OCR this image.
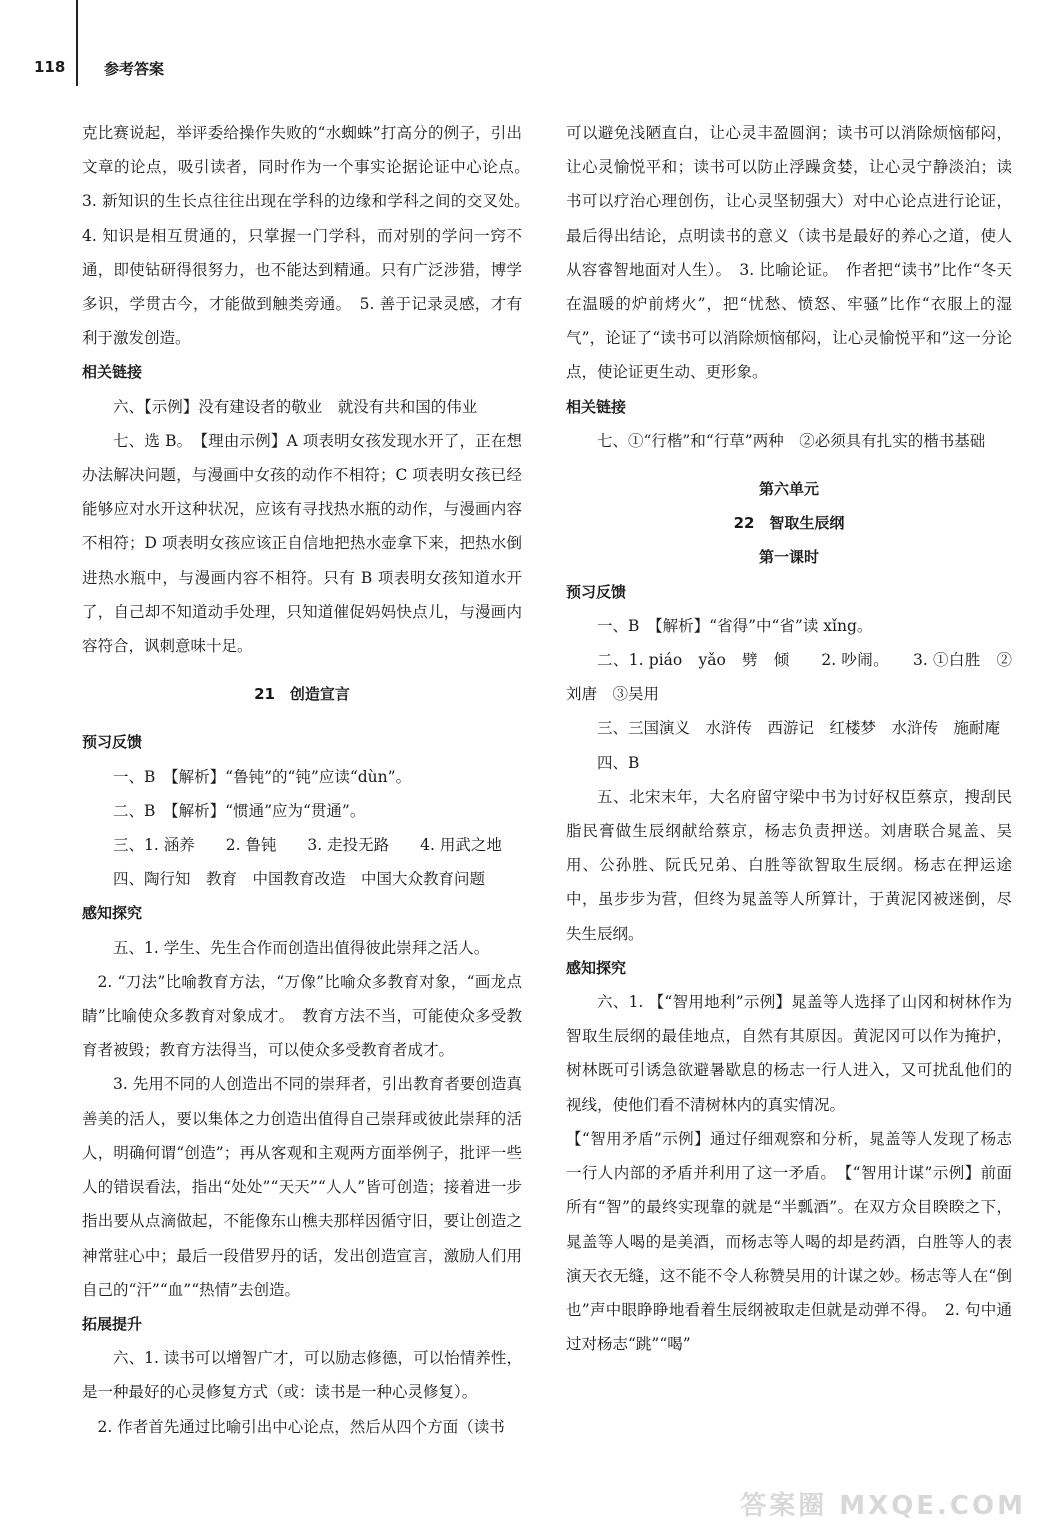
118	参考答案

克比赛说起，举评委给操作失败的“水蜘蛛”打高分的例子，引出文章的论点，吸引读者，同时作为一个事实论据论证中心论点。　3. 新知识的生长点往往出现在学科的边缘和学科之间的交叉处。　4. 知识是相互贯通的，只掌握一门学科，而对别的学问一窍不通，即使钻研得很努力，也不能达到精通。只有广泛涉猎，博学多识，学贯古今，才能做到触类旁通。　5. 善于记录灵感，才有利于激发创造。

相关链接

六、【示例】没有建设者的敬业　就没有共和国的伟业

七、选 B。　【理由示例】A 项表明女孩发现水开了，正在想办法解决问题，与漫画中女孩的动作不相符；C 项表明女孩已经能够应对水开这种状况，应该有寻找热水瓶的动作，与漫画内容不相符；D 项表明女孩应该正自信地把热水壶拿下来，把热水倒进热水瓶中，与漫画内容不相符。只有 B 项表明女孩知道水开了，自己却不知道动手处理，只知道催促妈妈快点儿，与漫画内容符合，讽刺意味十足。

21　创造宣言

预习反馈

一、B　【解析】“鲁钝”的“钝”应读“dùn”。

二、B　【解析】“惯通”应为“贯通”。

三、1. 涵养　　2. 鲁钝　　3. 走投无路　　4. 用武之地

四、陶行知　教育　中国教育改造　中国大众教育问题

感知探究

五、1. 学生、先生合作而创造出值得彼此崇拜之活人。

2. “刀法”比喻教育方法，“万像”比喻众多教育对象，“画龙点睛”比喻使众多教育对象成才。　教育方法不当，可能使众多受教育者被毁；教育方法得当，可以使众多受教育者成才。

3. 先用不同的人创造出不同的崇拜者，引出教育者要创造真善美的活人，要以集体之力创造出值得自己崇拜或彼此崇拜的活人，明确何谓“创造”；再从客观和主观两方面举例子，批评一些人的错误看法，指出“处处”“天天”“人人”皆可创造；接着进一步指出要从点滴做起，不能像东山樵夫那样因循守旧，要让创造之神常驻心中；最后一段借罗丹的话，发出创造宣言，激励人们用自己的“汗”“血”“热情”去创造。

拓展提升

六、1. 读书可以增智广才，可以励志修德，可以怡情养性，是一种最好的心灵修复方式（或：读书是一种心灵修复）。

2. 作者首先通过比喻引出中心论点，然后从四个方面（读书

可以避免浅陋直白，让心灵丰盈圆润；读书可以消除烦恼郁闷，让心灵愉悦平和；读书可以防止浮躁贪婪，让心灵宁静淡泊；读书可以疗治心理创伤，让心灵坚韧强大）对中心论点进行论证，最后得出结论，点明读书的意义（读书是最好的养心之道，使人从容睿智地面对人生）。　3. 比喻论证。　作者把“读书”比作“冬天在温暖的炉前烤火”，把“忧愁、愤怒、牢骚”比作“衣服上的湿气”，论证了“读书可以消除烦恼郁闷，让心灵愉悦平和”这一分论点，使论证更生动、更形象。

相关链接

七、①“行楷”和“行草”两种　②必须具有扎实的楷书基础

第六单元

22　智取生辰纲

第一课时

预习反馈

一、B　【解析】“省得”中“省”读 xǐng。

二、1. piáo　yǎo　劈　倾　　2. 吵闹。　　3. ①白胜　②刘唐　③吴用

三、三国演义　水浒传　西游记　红楼梦　水浒传　施耐庵

四、B

五、北宋末年，大名府留守梁中书为讨好权臣蔡京，搜刮民脂民膏做生辰纲献给蔡京，杨志负责押送。刘唐联合晁盖、吴用、公孙胜、阮氏兄弟、白胜等欲智取生辰纲。杨志在押运途中，虽步步为营，但终为晁盖等人所算计，于黄泥冈被迷倒，尽失生辰纲。

感知探究

六、1. 【“智用地利”示例】晁盖等人选择了山冈和树林作为智取生辰纲的最佳地点，自然有其原因。黄泥冈可以作为掩护，树林既可引诱急欲避暑歇息的杨志一行人进入，又可扰乱他们的视线，使他们看不清树林内的真实情况。

【“智用矛盾”示例】通过仔细观察和分析，晁盖等人发现了杨志一行人内部的矛盾并利用了这一矛盾。　【“智用计谋”示例】前面所有“智”的最终实现靠的就是“半瓢酒”。在双方众目睽睽之下，晁盖等人喝的是美酒，而杨志等人喝的却是药酒，白胜等人的表演天衣无缝，这不能不令人称赞吴用的计谋之妙。杨志等人在“倒也”声中眼睁睁地看着生辰纲被取走但就是动弹不得。　2. 句中通过对杨志“跳”“喝”

答案圈 MXQE.COM
